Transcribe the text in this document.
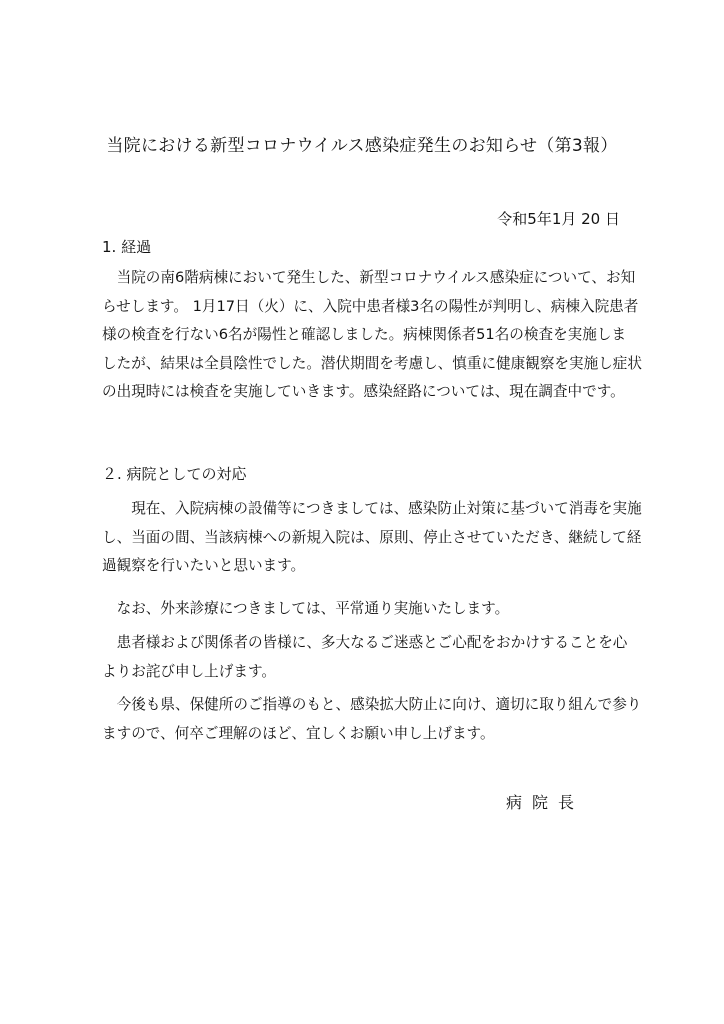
当院における新型コロナウイルス感染症発生のお知らせ（第3報）
令和5年1月 20 日
1. 経過
　当院の南6階病棟において発生した、新型コロナウイルス感染症について、お知
らせします。 1月17日（火）に、入院中患者様3名の陽性が判明し、病棟入院患者
様の検査を行ない6名が陽性と確認しました。病棟関係者51名の検査を実施しま
したが、結果は全員陰性でした。潜伏期間を考慮し、慎重に健康観察を実施し症状
の出現時には検査を実施していきます。感染経路については、現在調査中です。
２. 病院としての対応
　　現在、入院病棟の設備等につきましては、感染防止対策に基づいて消毒を実施
し、当面の間、当該病棟への新規入院は、原則、停止させていただき、継続して経
過観察を行いたいと思います。
　なお、外来診療につきましては、平常通り実施いたします。
　患者様および関係者の皆様に、多大なるご迷惑とご心配をおかけすることを心
よりお詫び申し上げます。
　今後も県、保健所のご指導のもと、感染拡大防止に向け、適切に取り組んで参り
ますので、何卒ご理解のほど、宜しくお願い申し上げます。
病院長
